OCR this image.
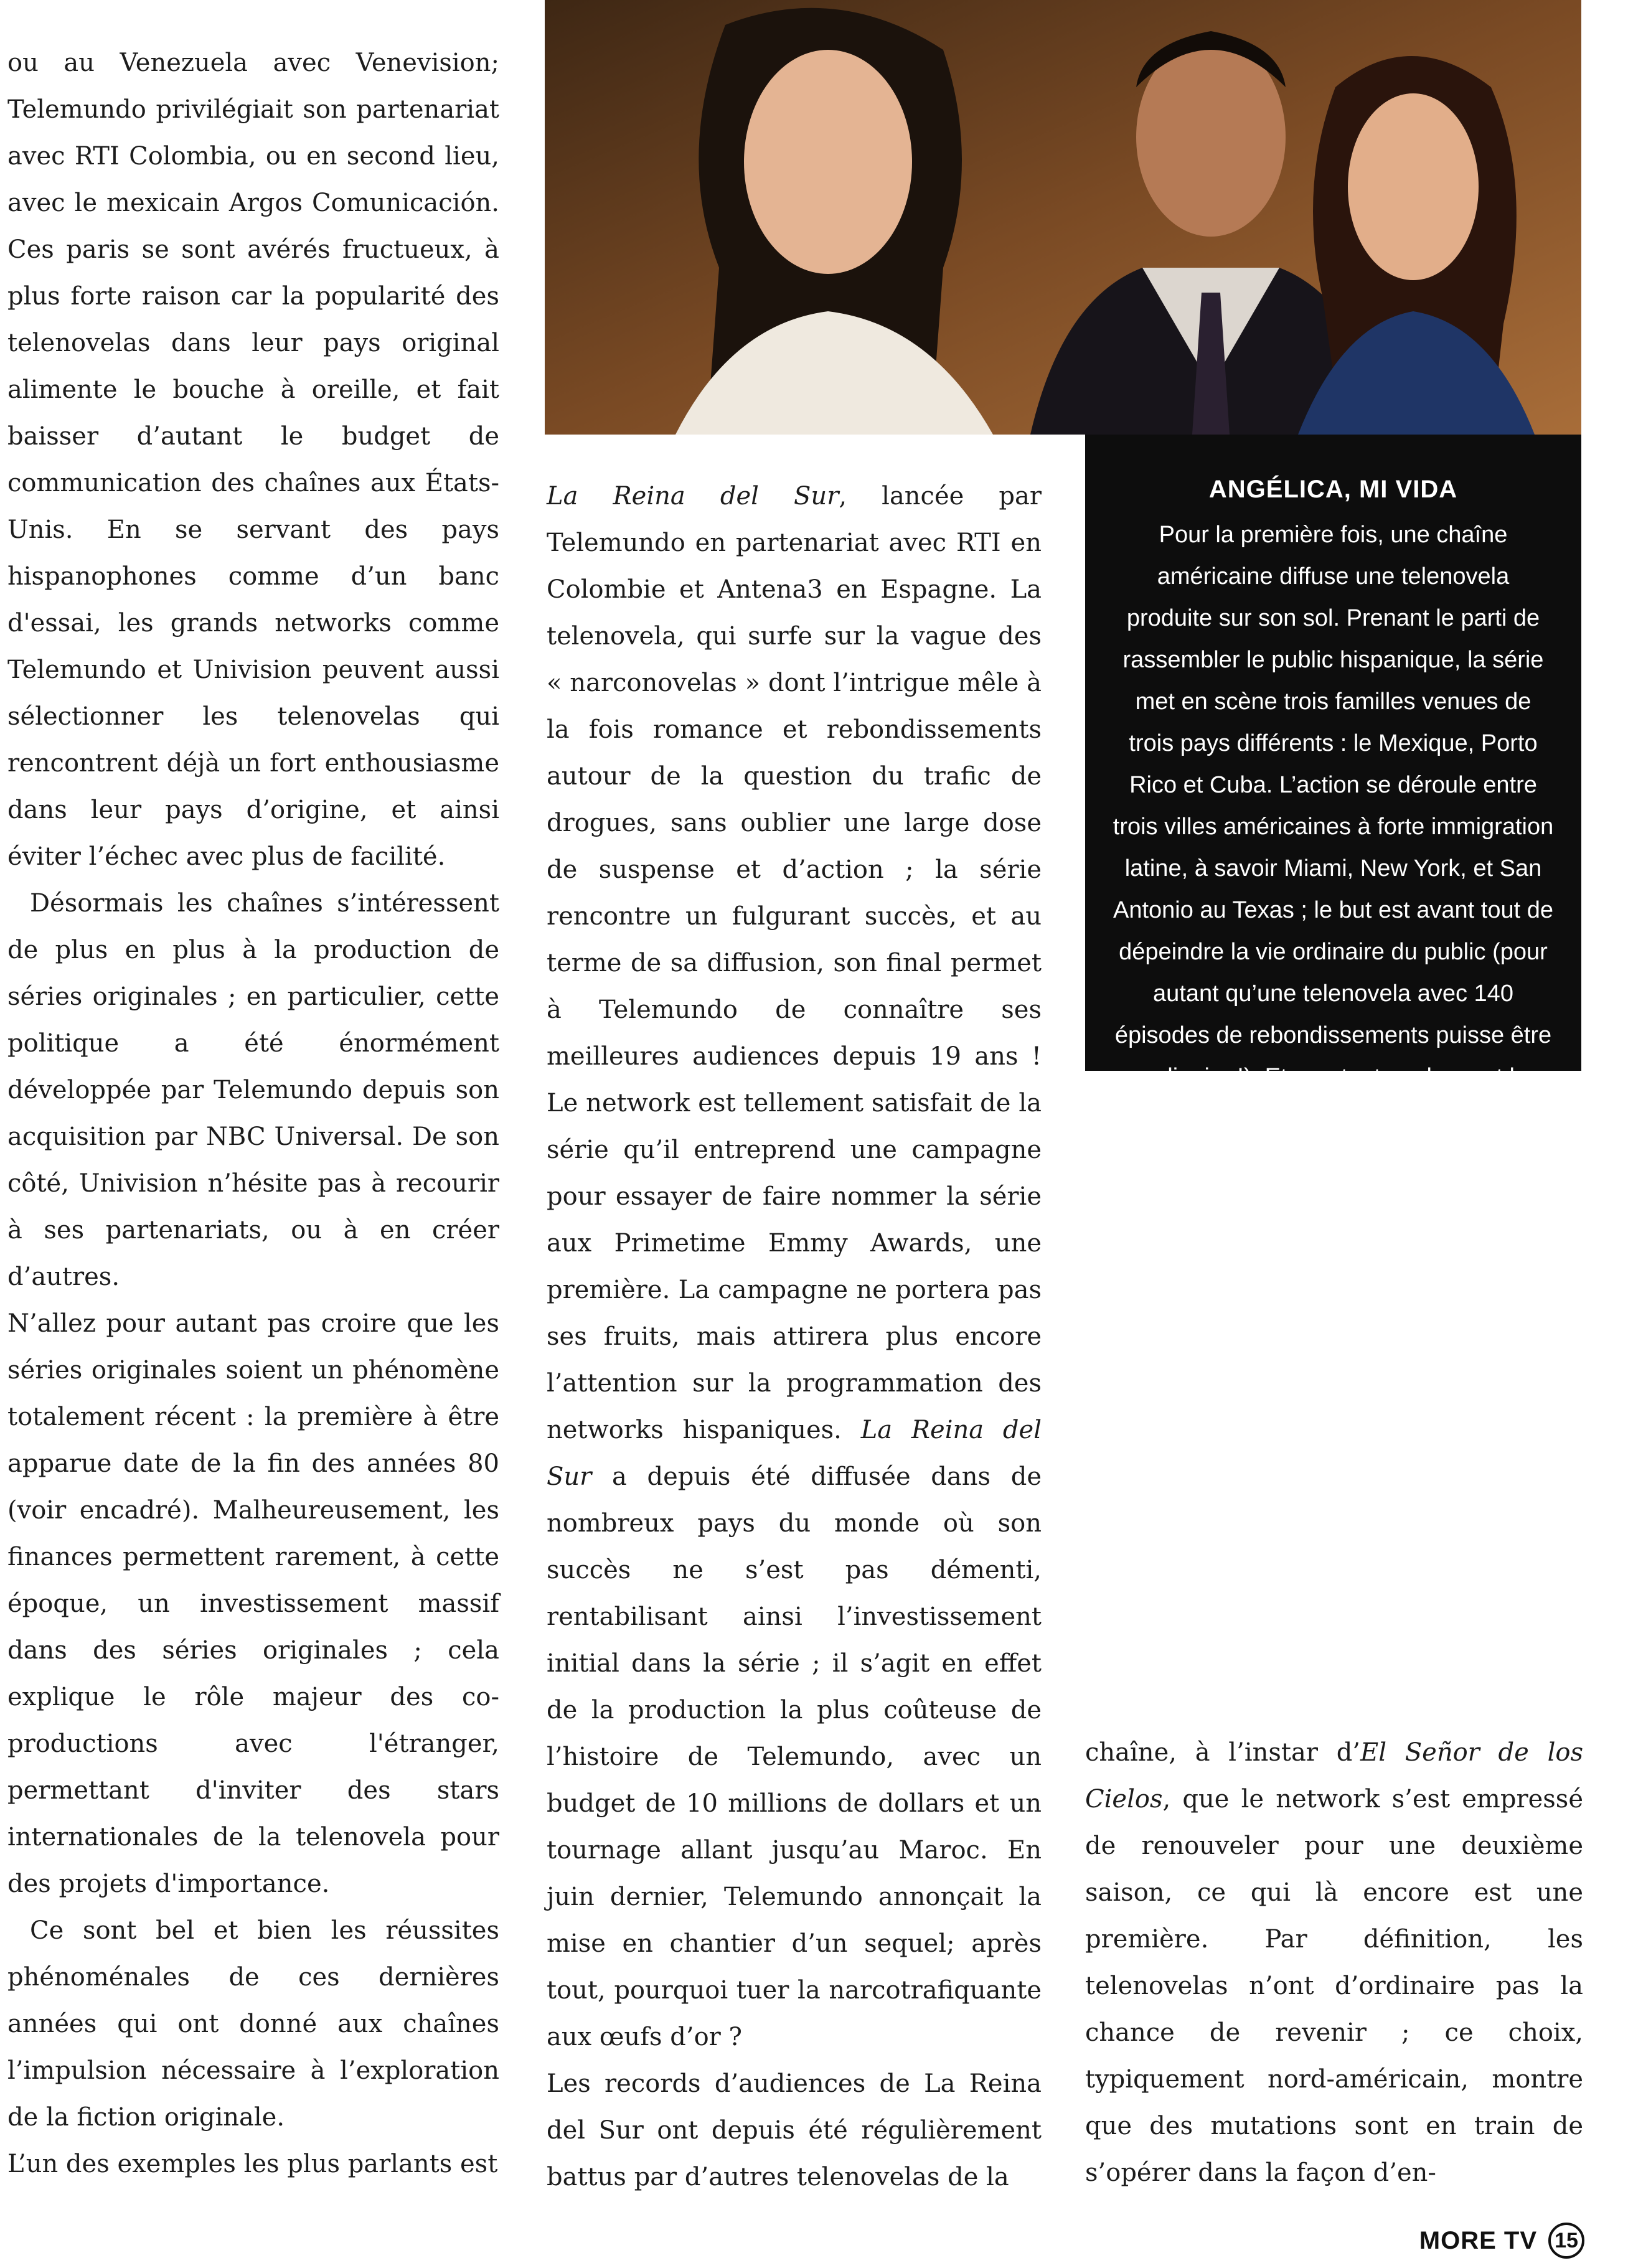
ou au Venezuela avec Venevision; Telemundo privilégiait son partenariat avec RTI Colombia, ou en second lieu, avec le mexicain Argos Comunicación. Ces paris se sont avérés fructueux, à plus forte raison car la popularité des telenovelas dans leur pays original alimente le bouche à oreille, et fait baisser d’autant le budget de communication des chaînes aux États-Unis. En se servant des pays hispanophones comme d’un banc d'essai, les grands networks comme Telemundo et Univision peuvent aussi sélectionner les telenovelas qui rencontrent déjà un fort enthousiasme dans leur pays d’origine, et ainsi éviter l’échec avec plus de facilité.

Désormais les chaînes s’intéressent de plus en plus à la production de séries originales ; en particulier, cette politique a été énormément développée par Telemundo depuis son acquisition par NBC Universal. De son côté, Univision n’hésite pas à recourir à ses partenariats, ou à en créer d’autres.

N’allez pour autant pas croire que les séries originales soient un phénomène totalement récent : la première à être apparue date de la fin des années 80 (voir encadré). Malheureusement, les finances permettent rarement, à cette époque, un investissement massif dans des séries originales ; cela explique le rôle majeur des co-productions avec l'étranger, permettant d'inviter des stars internationales de la telenovela pour des projets d'importance.

Ce sont bel et bien les réussites phénoménales de ces dernières années qui ont donné aux chaînes l’impulsion nécessaire à l’exploration de la fiction originale.

L’un des exemples les plus parlants est

La Reina del Sur, lancée par Telemundo en partenariat avec RTI en Colombie et Antena3 en Espagne. La telenovela, qui surfe sur la vague des « narconovelas » dont l’intrigue mêle à la fois romance et rebondissements autour de la question du trafic de drogues, sans oublier une large dose de suspense et d’action ; la série rencontre un fulgurant succès, et au terme de sa diffusion, son final permet à Telemundo de connaître ses meilleures audiences depuis 19 ans ! Le network est tellement satisfait de la série qu’il entreprend une campagne pour essayer de faire nommer la série aux Primetime Emmy Awards, une première. La campagne ne portera pas ses fruits, mais attirera plus encore l’attention sur la programmation des networks hispaniques. La Reina del Sur a depuis été diffusée dans de nombreux pays du monde où son succès ne s’est pas démenti, rentabilisant ainsi l’investissement initial dans la série ; il s’agit en effet de la production la plus coûteuse de l’histoire de Telemundo, avec un budget de 10 millions de dollars et un tournage allant jusqu’au Maroc. En juin dernier, Telemundo annonçait la mise en chantier d’un sequel; après tout, pourquoi tuer la narcotrafiquante aux œufs d’or ?

Les records d’audiences de La Reina del Sur ont depuis été régulièrement battus par d’autres telenovelas de la

ANGÉLICA, MI VIDA

Pour la première fois, une chaîne américaine diffuse une telenovela produite sur son sol. Prenant le parti de rassembler le public hispanique, la série met en scène trois familles venues de trois pays différents : le Mexique, Porto Rico et Cuba. L’action se déroule entre trois villes américaines à forte immigration latine, à savoir Miami, New York, et San Antonio au Texas ; le but est avant tout de dépeindre la vie ordinaire du public (pour autant qu’une telenovela avec 140 épisodes de rebondissements puisse être ordinaire !). Et pourtant, en lançant la série, Telemundo ne croît pas qu’elle va marcher, et s’attend même à un gouffre financier, voire une catastrophe de production quand le script prend plus de temps que prévu à être écrit, ou que les acteurs, peu rodés au rythme de tournage des telenovelas, s’épuisent en cours de route. Et pourtant Angélica, mi vida a réussi son pari en lançant un nouveau genre de telenovela, capable de rassembler le public hispanique mais aussi d’attirer un public anglophone.

chaîne, à l’instar d’El Señor de los Cielos, que le network s’est empressé de renouveler pour une deuxième saison, ce qui là encore est une première. Par définition, les telenovelas n’ont d’ordinaire pas la chance de revenir ; ce choix, typiquement nord-américain, montre que des mutations sont en train de s’opérer dans la façon d’en-

MORE TV 15
